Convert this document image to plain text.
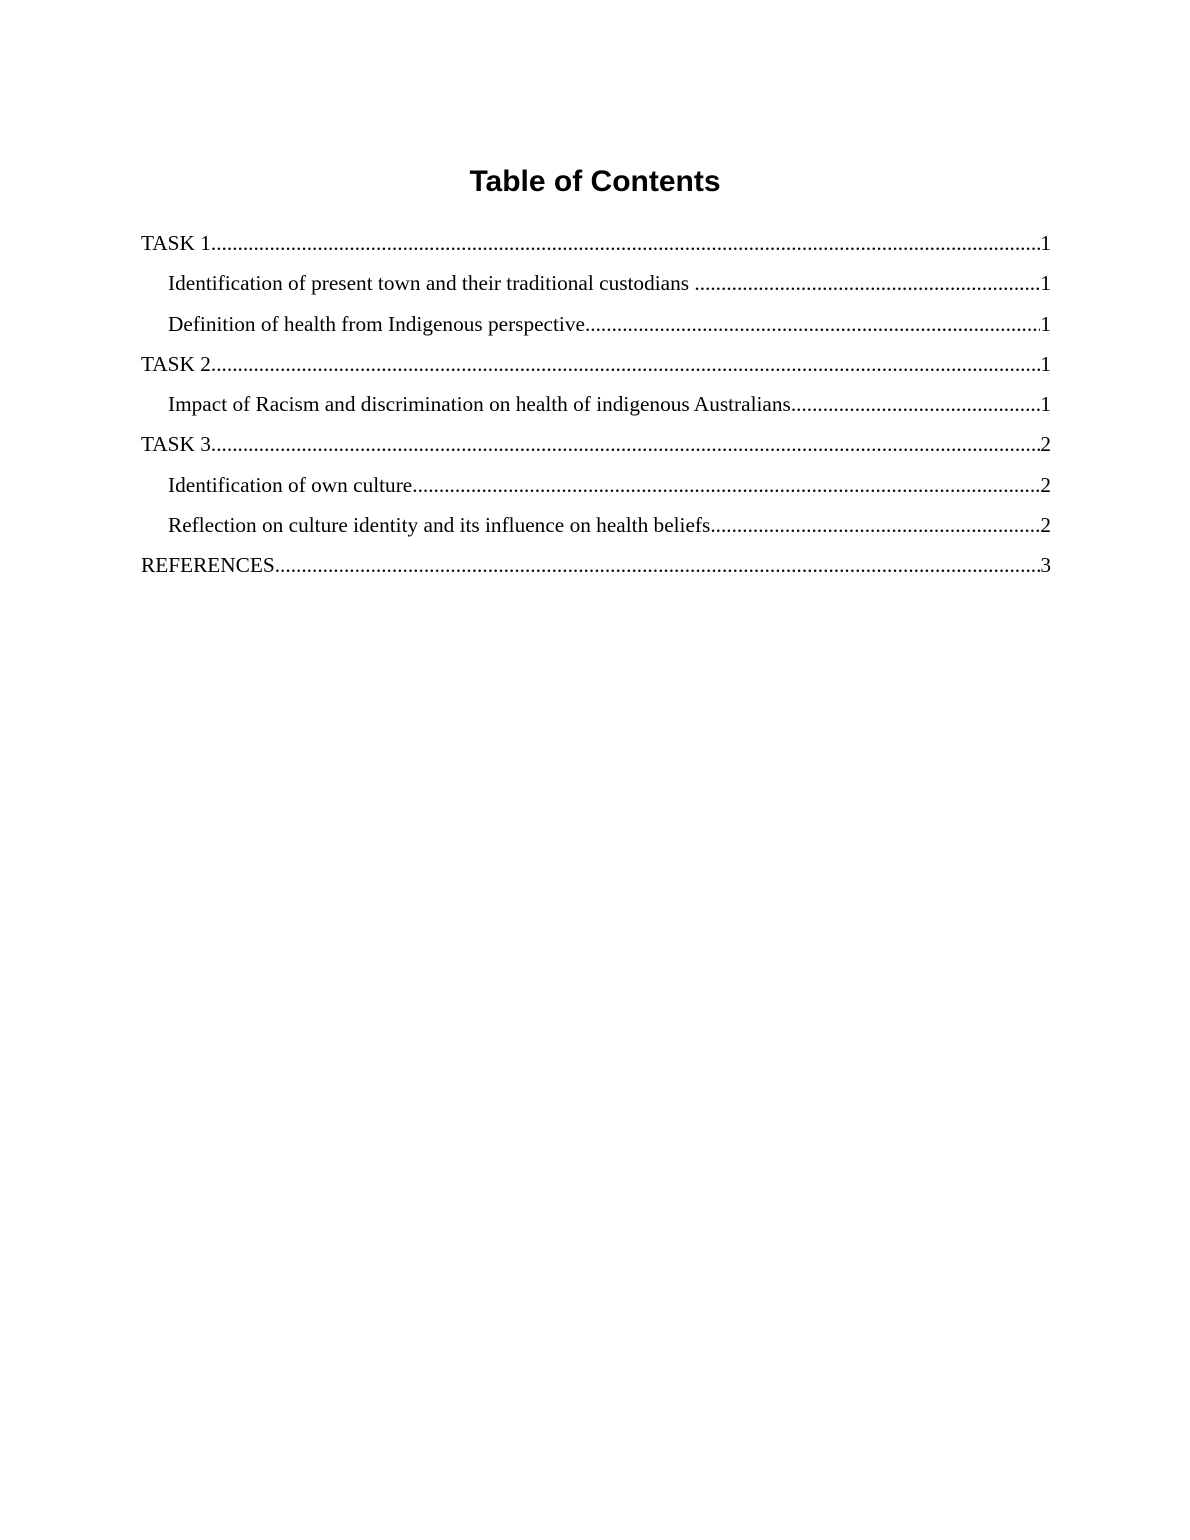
Table of Contents
TASK 1 .....	1
Identification of present town and their traditional custodians .....	1
Definition of health from Indigenous perspective .....	1
TASK 2 .....	1
Impact of Racism and discrimination on health of indigenous Australians .....	1
TASK 3 .....	2
Identification of own culture .....	2
Reflection on culture identity and its influence on health beliefs .....	2
REFERENCES .....	3
